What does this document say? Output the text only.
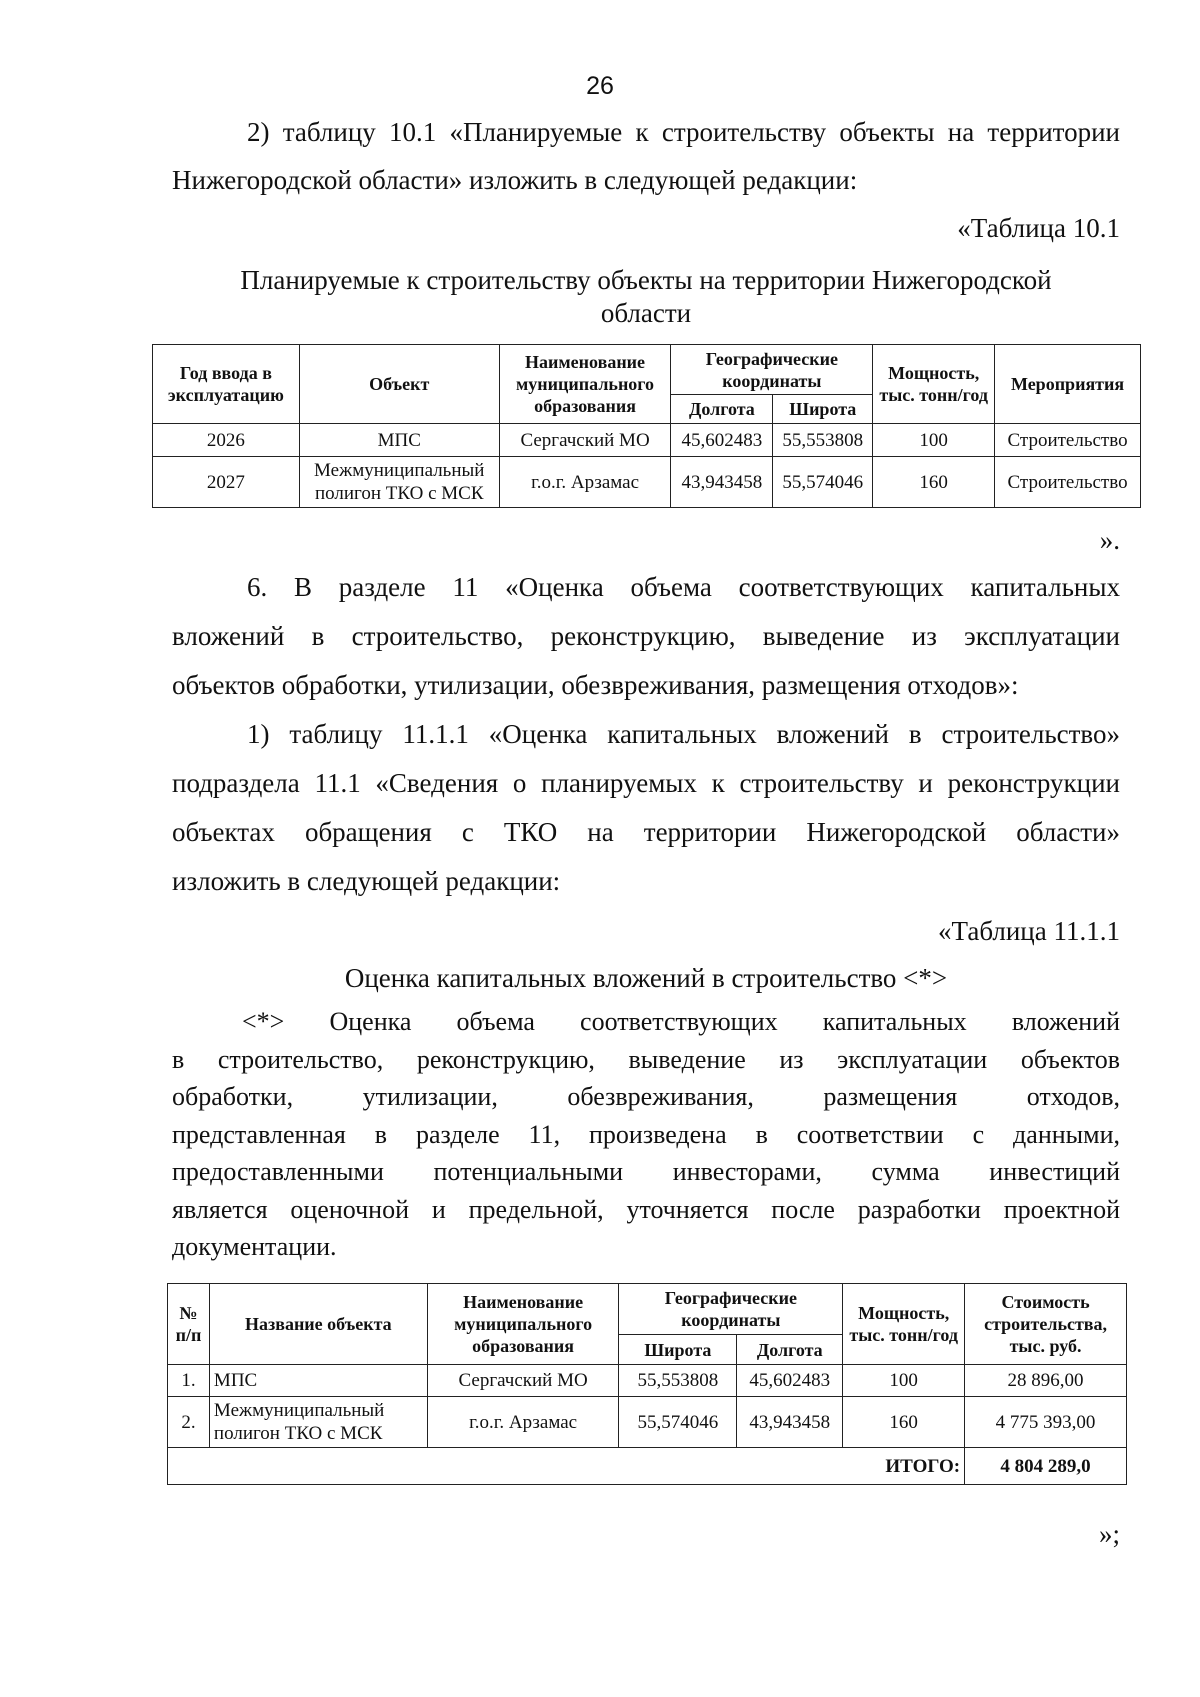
26
2) таблицу 10.1 «Планируемые к строительству объекты на территории
Нижегородской области» изложить в следующей редакции:
«Таблица 10.1
Планируемые к строительству объекты на территории Нижегородской
области
Год ввода в эксплуатацию	Объект	Наименование муниципального образования	Географические координаты		Мощность, тыс. тонн/год	Мероприятия
			Долгота	Широта		
2026	МПС	Сергачский МО	45,602483	55,553808	100	Строительство
2027	Межмуниципальный полигон ТКО с МСК	г.о.г. Арзамас	43,943458	55,574046	160	Строительство
».
6. В разделе 11 «Оценка объема соответствующих капитальных
вложений в строительство, реконструкцию, выведение из эксплуатации
объектов обработки, утилизации, обезвреживания, размещения отходов»:
1) таблицу 11.1.1 «Оценка капитальных вложений в строительство»
подраздела 11.1 «Сведения о планируемых к строительству и реконструкции
объектах обращения с ТКО на территории Нижегородской области»
изложить в следующей редакции:
«Таблица 11.1.1
Оценка капитальных вложений в строительство <*>
<*> Оценка объема соответствующих капитальных вложений
в строительство, реконструкцию, выведение из эксплуатации объектов
обработки, утилизации, обезвреживания, размещения отходов,
представленная в разделе 11, произведена в соответствии с данными,
предоставленными потенциальными инвесторами, сумма инвестиций
является оценочной и предельной, уточняется после разработки проектной
документации.
№ п/п	Название объекта	Наименование муниципального образования	Географические координаты		Мощность, тыс. тонн/год	Стоимость строительства, тыс. руб.
			Широта	Долгота		
1.	МПС	Сергачский МО	55,553808	45,602483	100	28 896,00
2.	Межмуниципальный полигон ТКО с МСК	г.о.г. Арзамас	55,574046	43,943458	160	4 775 393,00
ИТОГО:						4 804 289,0
»;
